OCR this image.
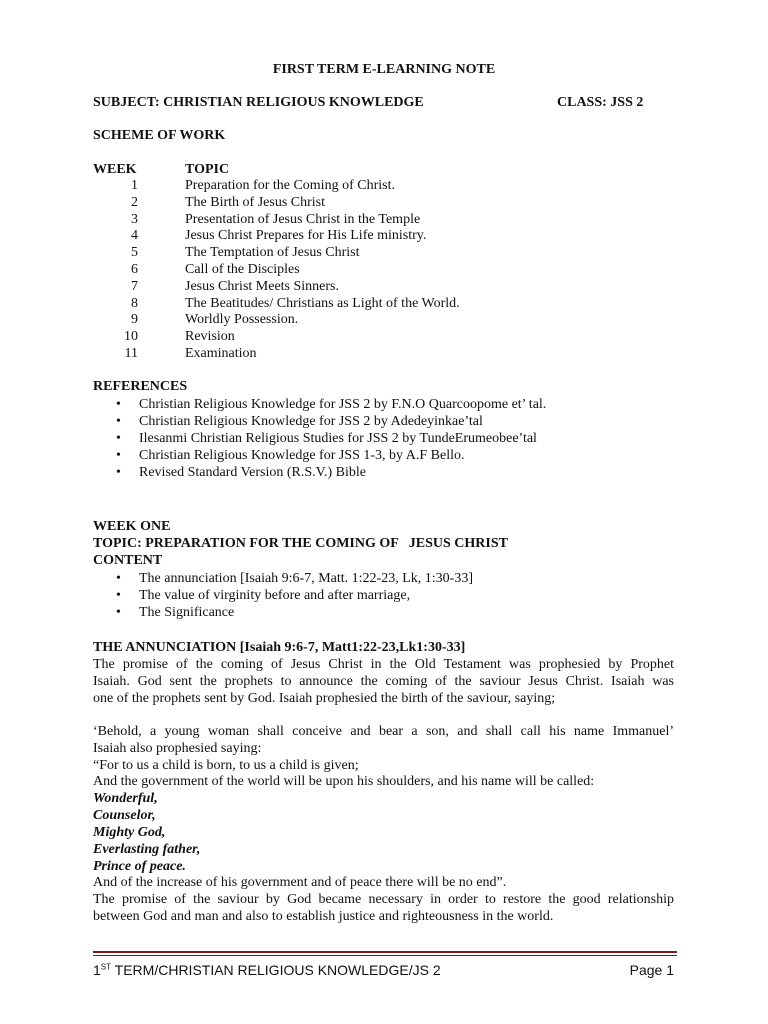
FIRST TERM E-LEARNING NOTE
SUBJECT: CHRISTIAN RELIGIOUS KNOWLEDGE	CLASS: JSS 2
SCHEME OF WORK
WEEK	TOPIC
1	Preparation for the Coming of Christ.
2	The Birth of Jesus Christ
3	Presentation of Jesus Christ in the Temple
4	Jesus Christ Prepares for His Life ministry.
5	The Temptation of Jesus Christ
6	Call of the Disciples
7	Jesus Christ Meets Sinners.
8	The Beatitudes/ Christians as Light of the World.
9	Worldly Possession.
10	Revision
11	Examination
REFERENCES
• Christian Religious Knowledge for JSS 2 by F.N.O Quarcoopome et’ tal.
• Christian Religious Knowledge for JSS 2 by Adedeyinkae’tal
• Ilesanmi Christian Religious Studies for JSS 2 by TundeErumeobee’tal
• Christian Religious Knowledge for JSS 1-3, by A.F Bello.
• Revised Standard Version (R.S.V.) Bible
WEEK ONE
TOPIC: PREPARATION FOR THE COMING OF   JESUS CHRIST
CONTENT
• The annunciation [Isaiah 9:6-7, Matt. 1:22-23, Lk, 1:30-33]
• The value of virginity before and after marriage,
• The Significance
THE ANNUNCIATION [Isaiah 9:6-7, Matt1:22-23,Lk1:30-33]
The promise of the coming of Jesus Christ in the Old Testament was prophesied by Prophet
Isaiah. God sent the prophets to announce the coming of the saviour Jesus Christ. Isaiah was
one of the prophets sent by God. Isaiah prophesied the birth of the saviour, saying;
‘Behold, a young woman shall conceive and bear a son, and shall call his name Immanuel’
Isaiah also prophesied saying:
“For to us a child is born, to us a child is given;
And the government of the world will be upon his shoulders, and his name will be called:
Wonderful,
Counselor,
Mighty God,
Everlasting father,
Prince of peace.
And of the increase of his government and of peace there will be no end”.
The promise of the saviour by God became necessary in order to restore the good relationship
between God and man and also to establish justice and righteousness in the world.
1ST TERM/CHRISTIAN RELIGIOUS KNOWLEDGE/JS 2	Page 1
